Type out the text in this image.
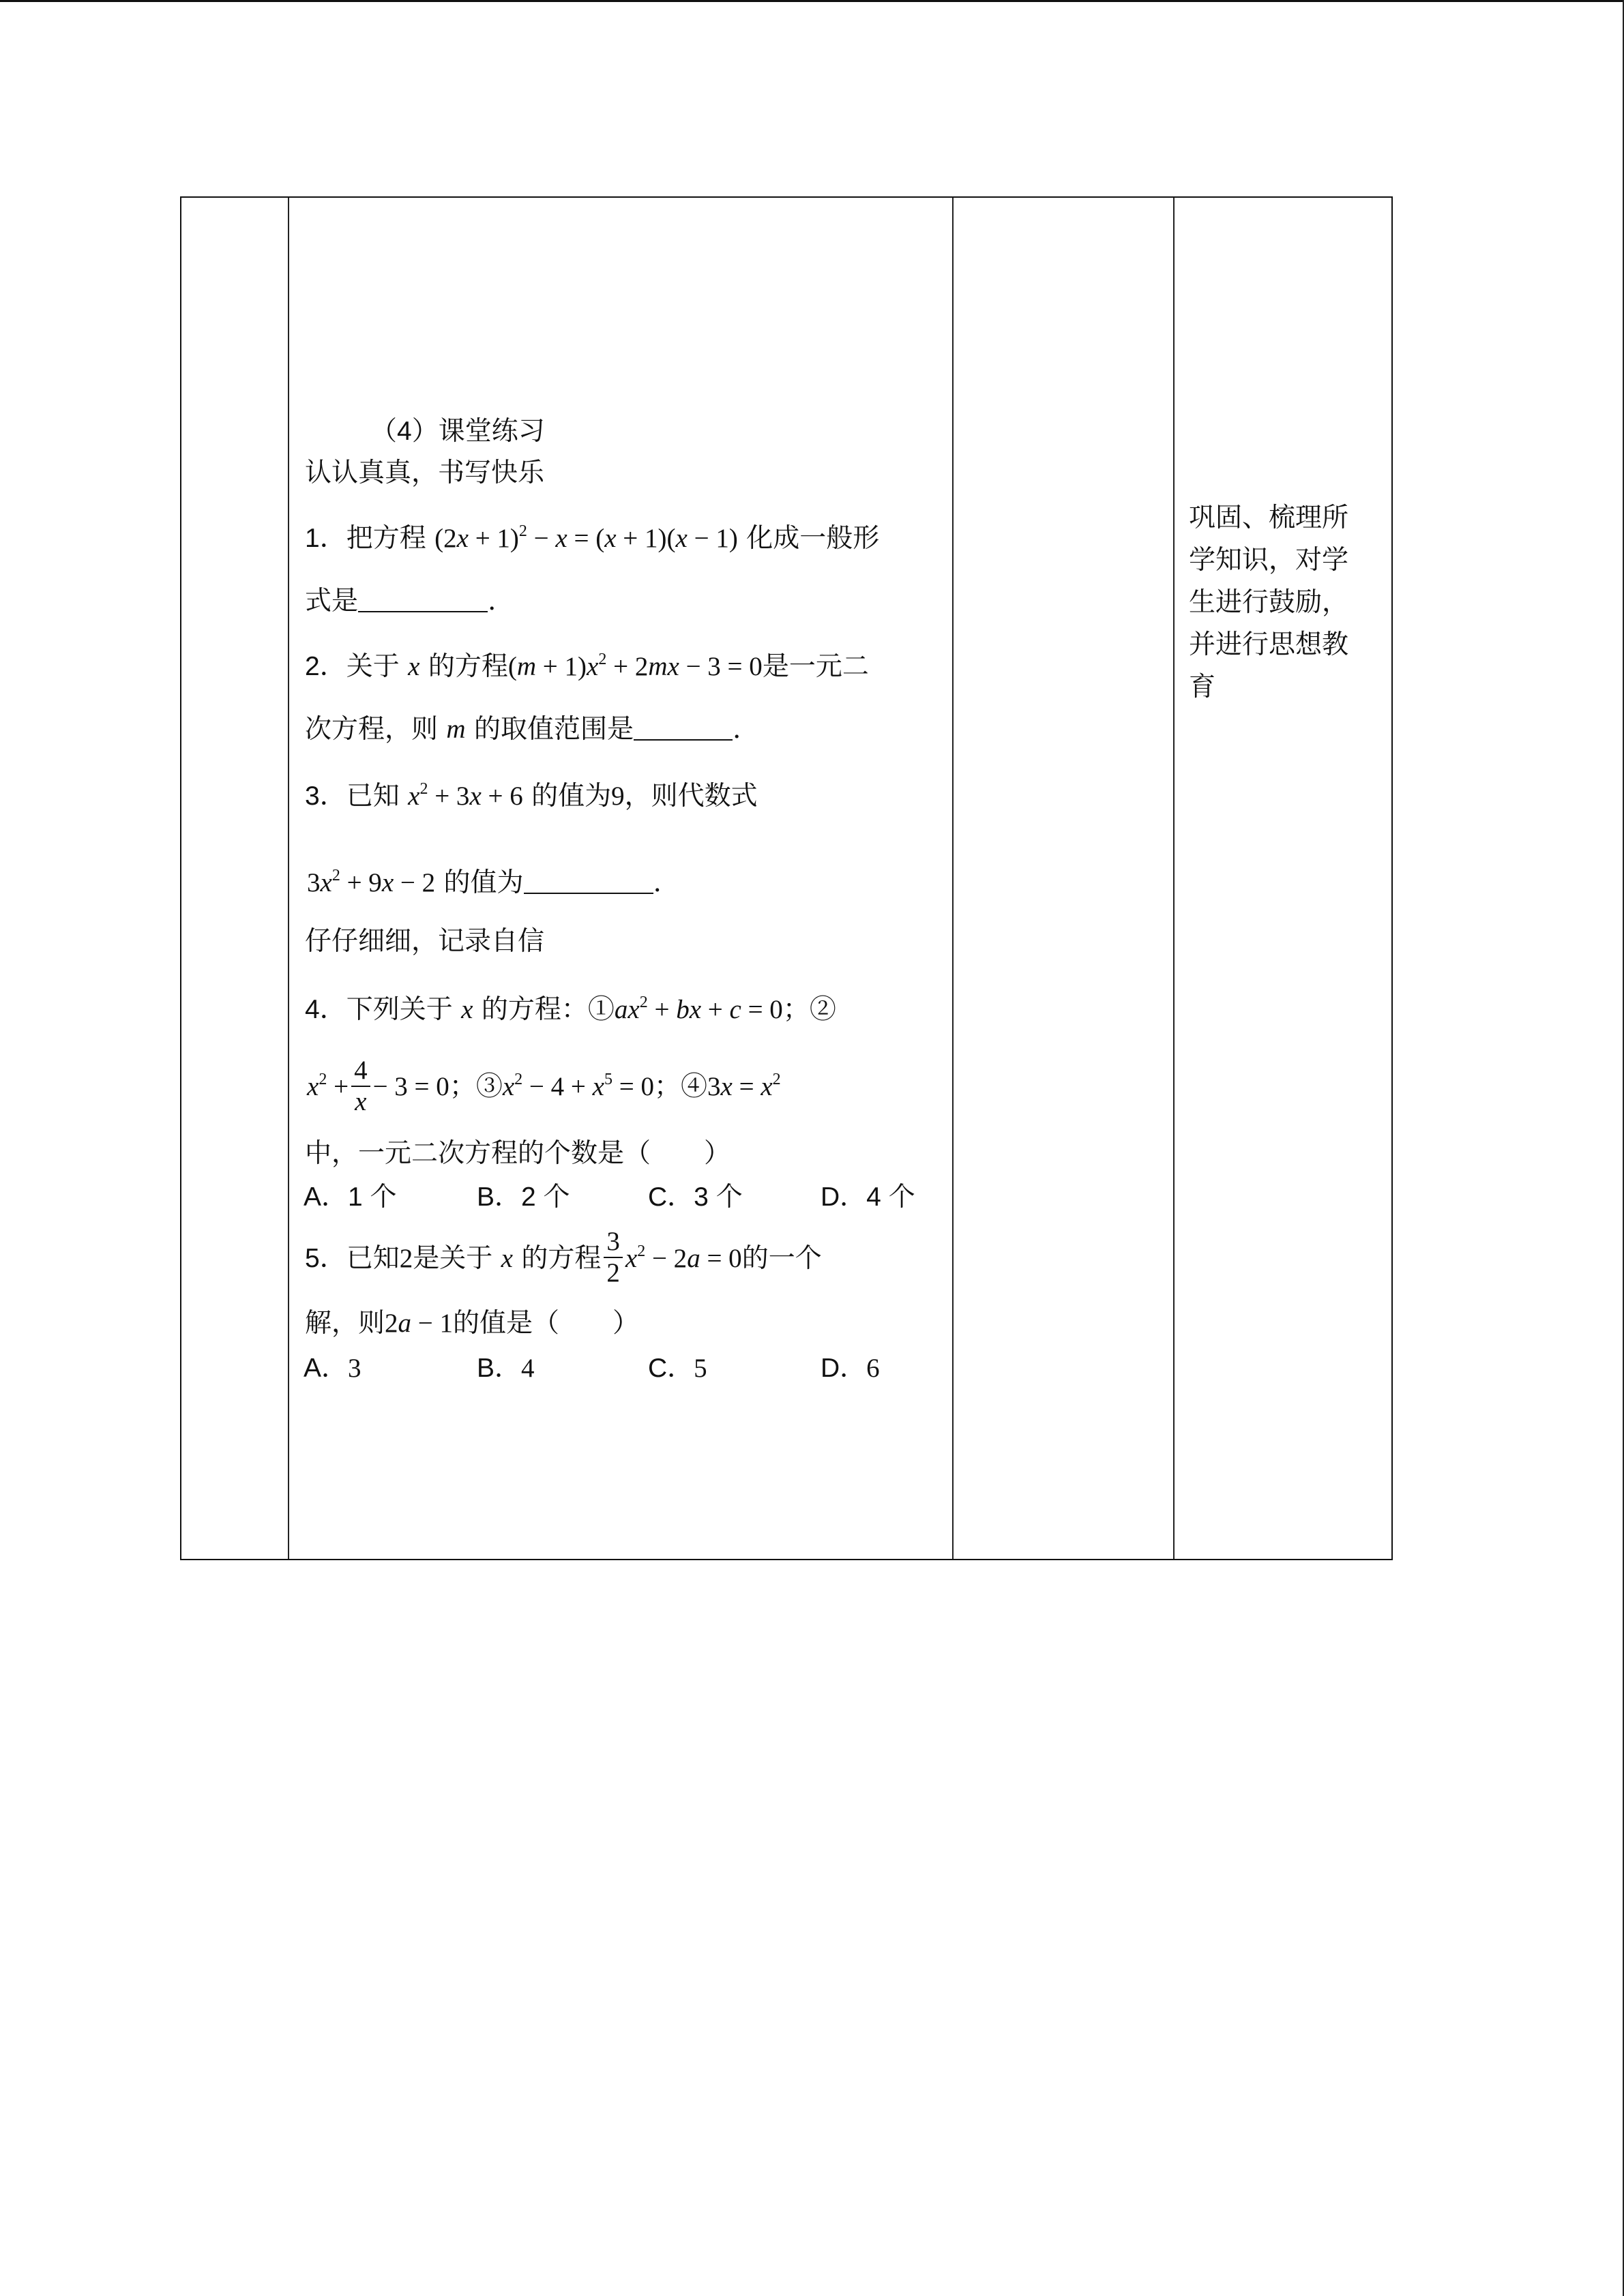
（4）课堂练习
认认真真，书写快乐
1．把方程 $(2x + 1)^2 - x = (x + 1)(x - 1)$ 化成一般形
式是	.
2．关于 x 的方程$(m + 1)x^2 + 2mx - 3 = 0$是一元二
次方程，则 m 的取值范围是	.
3．已知 $x^2 + 3x + 6$ 的值为9，则代数式
$3x^2 + 9x - 2$ 的值为	.
仔仔细细，记录自信
4．下列关于 x 的方程：$①ax^2$ + bx + c = 0；②
$x^2 + \frac{4}{x} - 3 = 0$；$③x^2 - 4 + x^5 = 0$；④3x = $x^2$
中，一元二次方程的个数是（　　）
A．1 个	B．2 个	C．3 个	D．4 个
5．已知2是关于 x 的方程 $\frac{3}{2} x^2 - 2a = 0$的一个
解，则2a − 1的值是（　　）
A．3	B．4	C．5	D．6
巩固、梳理所
学知识，对学
生进行鼓励，
并进行思想教
育
